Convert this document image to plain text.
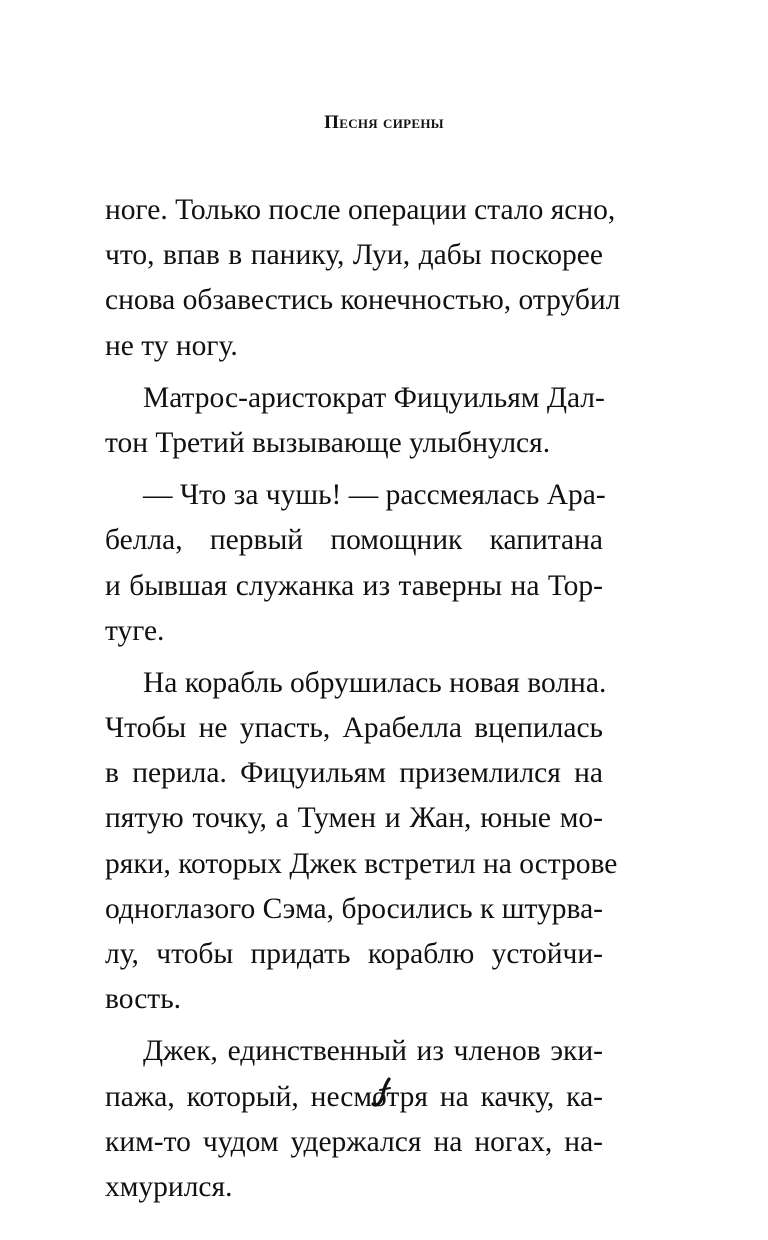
Песня сирены
ноге. Только после операции стало ясно,
что, впав в панику, Луи, дабы поскорее
снова обзавестись конечностью, отрубил
не ту ногу.
Матрос-аристократ Фицуильям Дал-
тон Третий вызывающе улыбнулся.
— Что за чушь! — рассмеялась Ара-
белла, первый помощник капитана
и бывшая служанка из таверны на Тор-
туге.
На корабль обрушилась новая волна.
Чтобы не упасть, Арабелла вцепилась
в перила. Фицуильям приземлился на
пятую точку, а Тумен и Жан, юные мо-
ряки, которых Джек встретил на острове
одноглазого Сэма, бросились к штурва-
лу, чтобы придать кораблю устойчи-
вость.
Джек, единственный из членов эки-
пажа, который, несмотря на качку, ка-
ким-то чудом удержался на ногах, на-
хмурился.
